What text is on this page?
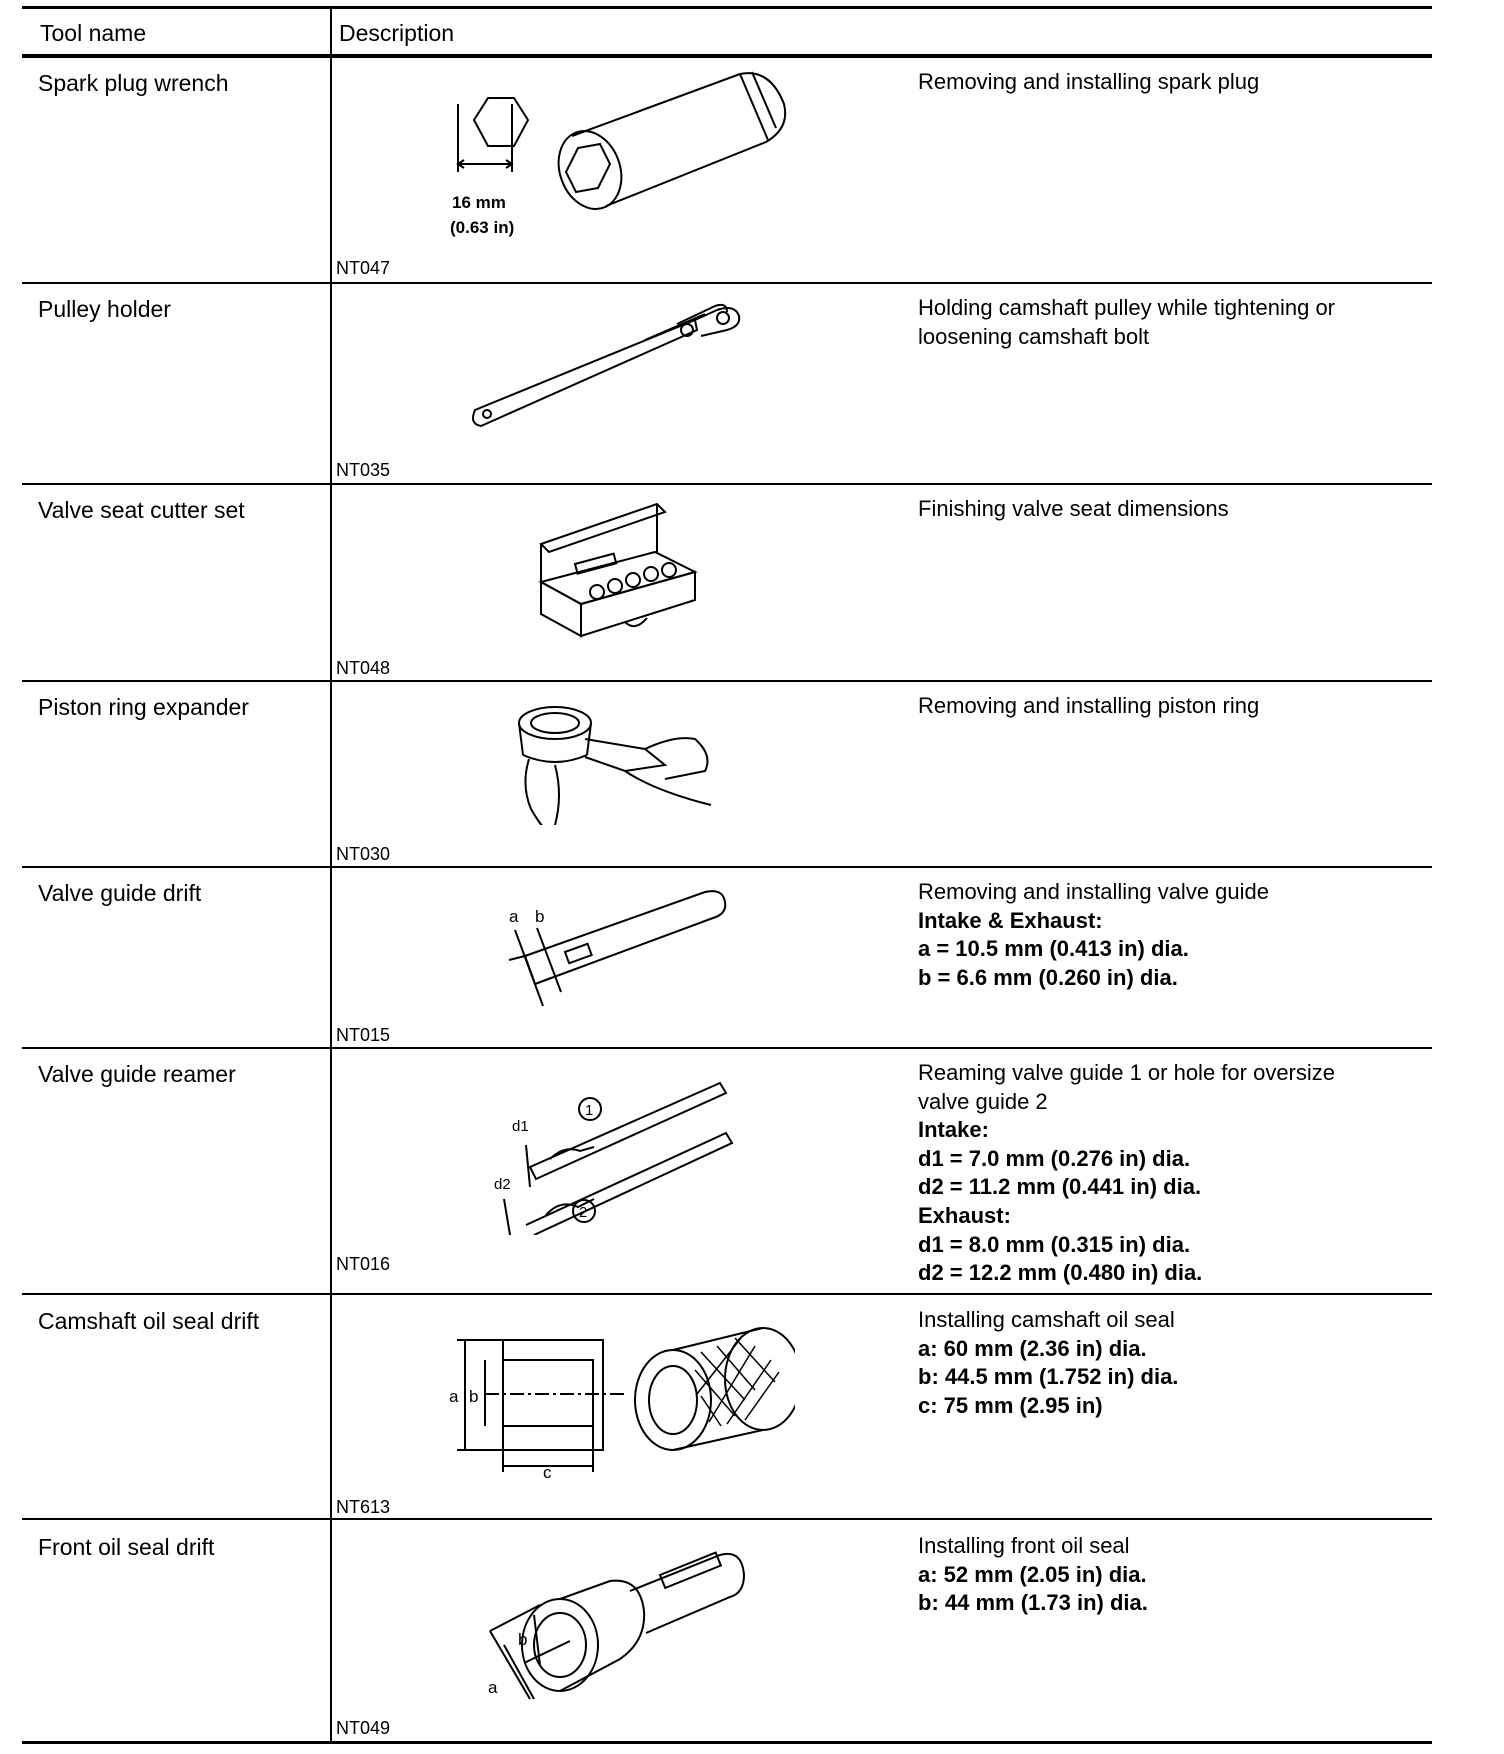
Tool name	Description
Spark plug wrench	Removing and installing spark plug
NT047
16 mm
(0.63 in)
Pulley holder	Holding camshaft pulley while tightening or
loosening camshaft bolt
NT035
Valve seat cutter set	Finishing valve seat dimensions
NT048
Piston ring expander	Removing and installing piston ring
NT030
Valve guide drift	Removing and installing valve guide
Intake & Exhaust:
a = 10.5 mm (0.413 in) dia.
b = 6.6 mm (0.260 in) dia.
NT015
a b
Valve guide reamer	Reaming valve guide 1 or hole for oversize
valve guide 2
Intake:
d1 = 7.0 mm (0.276 in) dia.
d2 = 11.2 mm (0.441 in) dia.
Exhaust:
d1 = 8.0 mm (0.315 in) dia.
d2 = 12.2 mm (0.480 in) dia.
NT016
d1
d2
1
2
Camshaft oil seal drift	Installing camshaft oil seal
a: 60 mm (2.36 in) dia.
b: 44.5 mm (1.752 in) dia.
c: 75 mm (2.95 in)
NT613
a b
c
Front oil seal drift	Installing front oil seal
a: 52 mm (2.05 in) dia.
b: 44 mm (1.73 in) dia.
NT049
a
b
